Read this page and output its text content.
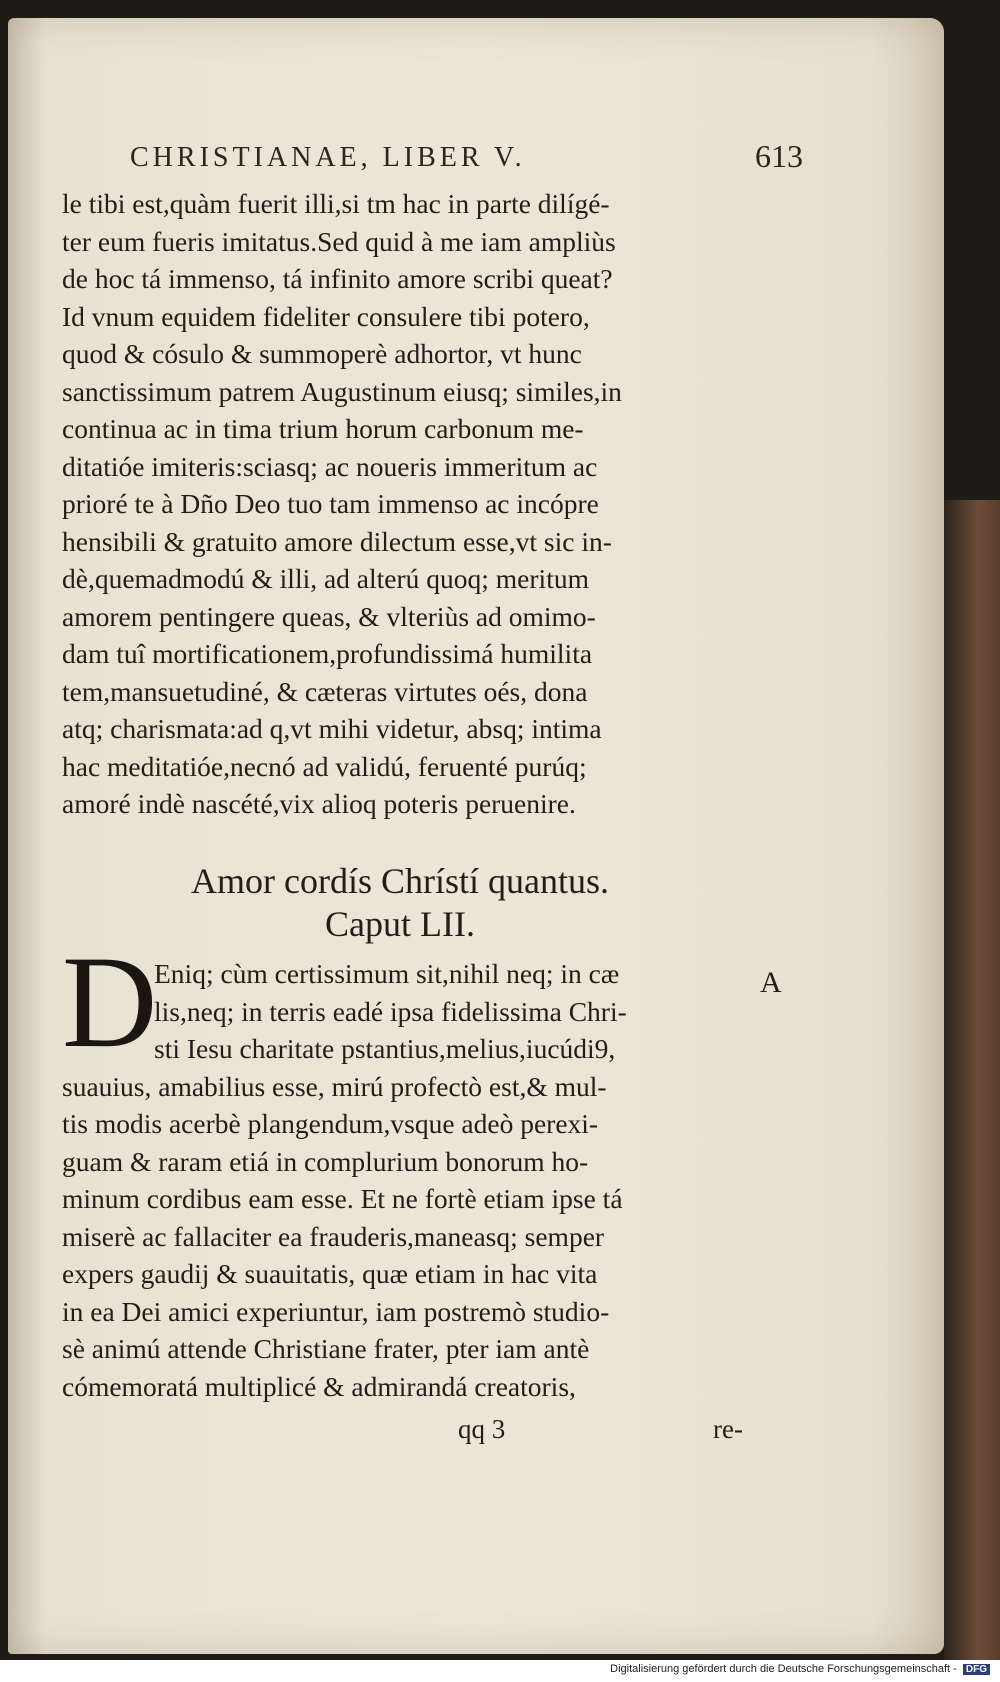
CHRISTIANAE, LIBER V.	613
le tibi est,quàm fuerit illi,si tm hac in parte dilígé-
ter eum fueris imitatus.Sed quid à me iam ampliùs
de hoc tá immenso, tá infinito amore scribi queat?
Id vnum equidem fideliter consulere tibi potero,
quod & cósulo & summoperè adhortor, vt hunc
sanctissimum patrem Augustinum eiusq; similes,in
continua ac in tima trium horum carbonum me-
ditatióe imiteris:sciasq; ac noueris immeritum ac
prioré te à Dño Deo tuo tam immenso ac incópre
hensibili & gratuito amore dilectum esse,vt sic in-
dè,quemadmodú & illi, ad alterú quoq; meritum
amorem pentingere queas, & vlteriùs ad omimo-
dam tuî mortificationem,profundissimá humilita
tem,mansuetudiné, & cæteras virtutes oés, dona
atq; charismata:ad q,vt mihi videtur, absq; intima
hac meditatióe,necnó ad validú, feruenté purúq;
amoré indè nascété,vix alioq poteris peruenire.
Amor cordís Chrístí quantus.
Caput LII.
D
Eniq; cùm certissimum sit,nihil neq; in cæ
lis,neq; in terris eadé ipsa fidelissima Chri-
sti Iesu charitate pstantius,melius,iucúdi9,
suauius, amabilius esse, mirú profectò est,& mul-
tis modis acerbè plangendum,vsque adeò perexi-
guam & raram etiá in complurium bonorum ho-
minum cordibus eam esse. Et ne fortè etiam ipse tá
miserè ac fallaciter ea frauderis,maneasq; semper
expers gaudij & suauitatis, quæ etiam in hac vita
in ea Dei amici experiuntur, iam postremò studio-
sè animú attende Christiane frater, pter iam antè
cómemoratá multiplicé & admirandá creatoris,
A
qq 3	re-
Digitalisierung gefördert durch die Deutsche Forschungsgemeinschaft - DFG
